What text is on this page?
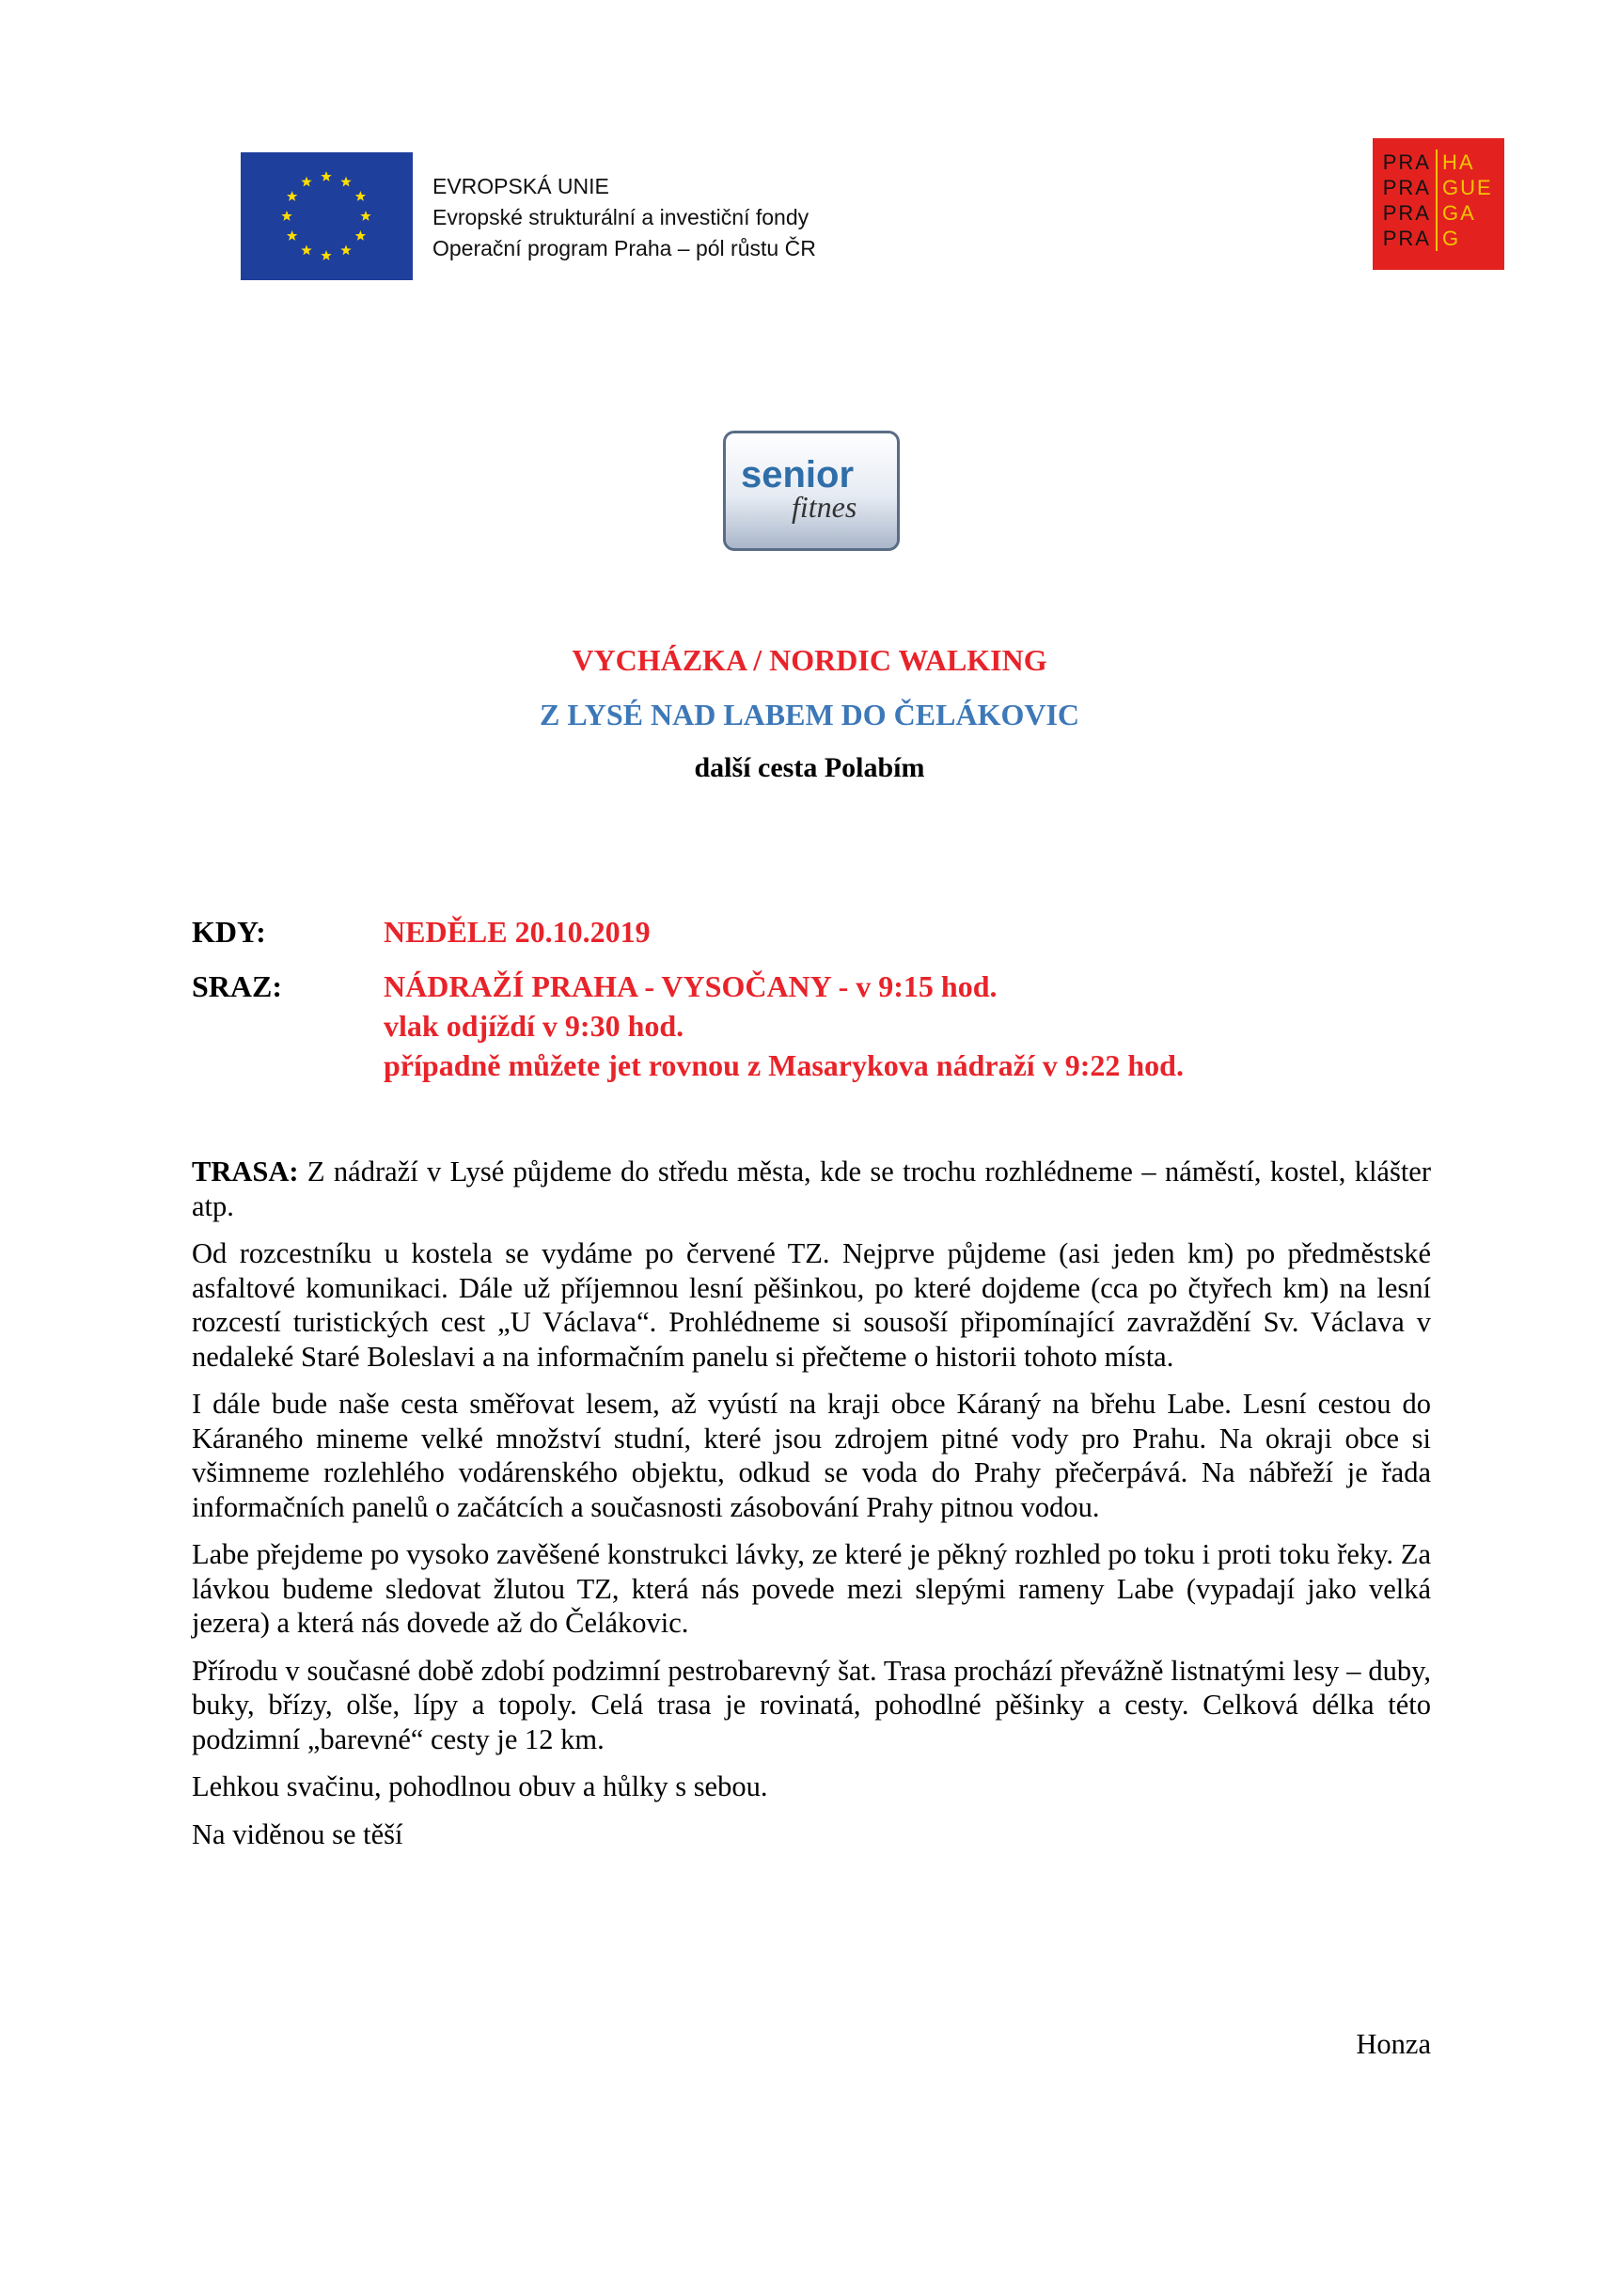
EVROPSKÁ UNIE
Evropské strukturální a investiční fondy
Operační program Praha – pól růstu ČR
PRA HA
PRA GUE
PRA GA
PRA G
senior
fitnes
VYCHÁZKA / NORDIC WALKING
Z LYSÉ NAD LABEM DO ČELÁKOVIC
další cesta Polabím
KDY:	NEDĚLE 20.10.2019
SRAZ:	NÁDRAŽÍ PRAHA - VYSOČANY - v 9:15 hod.
vlak odjíždí v 9:30 hod.
případně můžete jet rovnou z Masarykova nádraží v 9:22 hod.

TRASA: Z nádraží v Lysé půjdeme do středu města, kde se trochu rozhlédneme – náměstí, kostel, klášter atp.

Od rozcestníku u kostela se vydáme po červené TZ. Nejprve půjdeme (asi jeden km) po předměstské asfaltové komunikaci. Dále už příjemnou lesní pěšinkou, po které dojdeme (cca po čtyřech km) na lesní rozcestí turistických cest „U Václava“. Prohlédneme si sousoší připomínající zavraždění Sv. Václava v nedaleké Staré Boleslavi a na informačním panelu si přečteme o historii tohoto místa.

I dále bude naše cesta směřovat lesem, až vyústí na kraji obce Káraný na břehu Labe. Lesní cestou do Káraného mineme velké množství studní, které jsou zdrojem pitné vody pro Prahu. Na okraji obce si všimneme rozlehlého vodárenského objektu, odkud se voda do Prahy přečerpává. Na nábřeží je řada informačních panelů o začátcích a současnosti zásobování Prahy pitnou vodou.

Labe přejdeme po vysoko zavěšené konstrukci lávky, ze které je pěkný rozhled po toku i proti toku řeky. Za lávkou budeme sledovat žlutou TZ, která nás povede mezi slepými rameny Labe (vypadají jako velká jezera) a která nás dovede až do Čelákovic.

Přírodu v současné době zdobí podzimní pestrobarevný šat. Trasa prochází převážně listnatými lesy – duby, buky, břízy, olše, lípy a topoly. Celá trasa je rovinatá, pohodlné pěšinky a cesty. Celková délka této podzimní „barevné“ cesty je 12 km.

Lehkou svačinu, pohodlnou obuv a hůlky s sebou.

Na viděnou se těší

Honza
